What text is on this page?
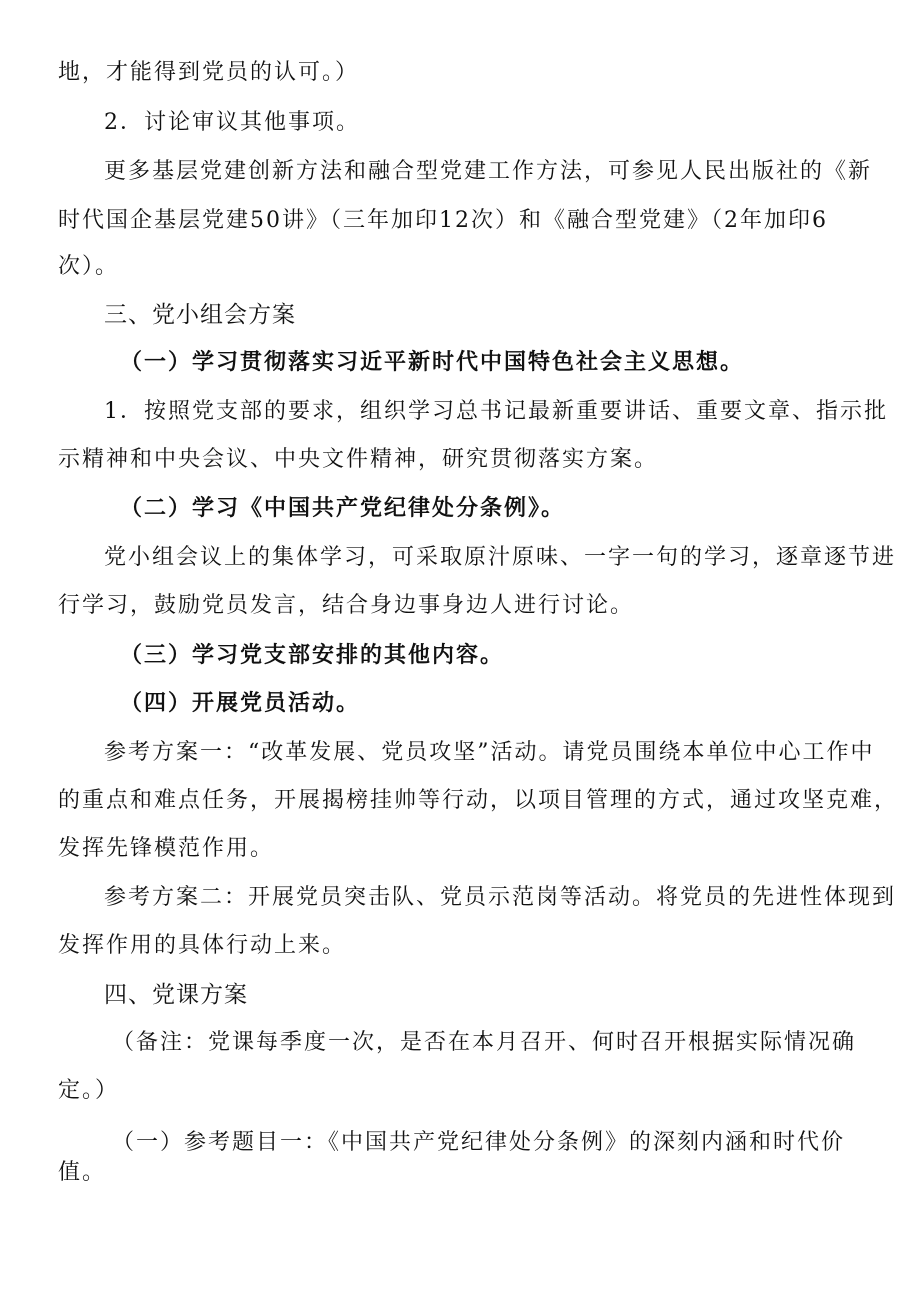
地，才能得到党员的认可。）
2．讨论审议其他事项。
更多基层党建创新方法和融合型党建工作方法，可参见人民出版社的《新
时代国企基层党建50讲》（三年加印12次）和《融合型党建》（2年加印6
次）。
三、党小组会方案
（一）学习贯彻落实习近平新时代中国特色社会主义思想。
1．按照党支部的要求，组织学习总书记最新重要讲话、重要文章、指示批
示精神和中央会议、中央文件精神，研究贯彻落实方案。
（二）学习《中国共产党纪律处分条例》。
党小组会议上的集体学习，可采取原汁原味、一字一句的学习，逐章逐节进
行学习，鼓励党员发言，结合身边事身边人进行讨论。
（三）学习党支部安排的其他内容。
（四）开展党员活动。
参考方案一：“改革发展、党员攻坚”活动。请党员围绕本单位中心工作中
的重点和难点任务，开展揭榜挂帅等行动，以项目管理的方式，通过攻坚克难，
发挥先锋模范作用。
参考方案二：开展党员突击队、党员示范岗等活动。将党员的先进性体现到
发挥作用的具体行动上来。
四、党课方案
（备注：党课每季度一次，是否在本月召开、何时召开根据实际情况确
定。）
（一）参考题目一：《中国共产党纪律处分条例》的深刻内涵和时代价
值。
